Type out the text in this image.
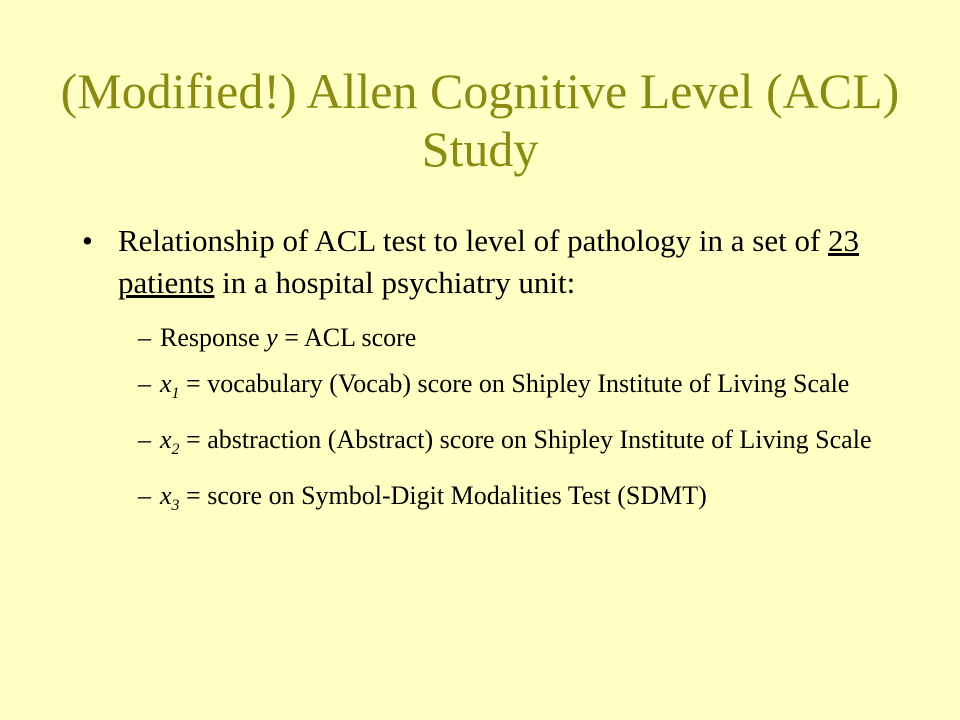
(Modified!) Allen Cognitive Level (ACL) Study
• Relationship of ACL test to level of pathology in a set of 23 patients in a hospital psychiatry unit:
– Response y = ACL score
– $x_1$ = vocabulary (Vocab) score on Shipley Institute of Living Scale
– $x_2$ = abstraction (Abstract) score on Shipley Institute of Living Scale
– $x_3$ = score on Symbol-Digit Modalities Test (SDMT)
